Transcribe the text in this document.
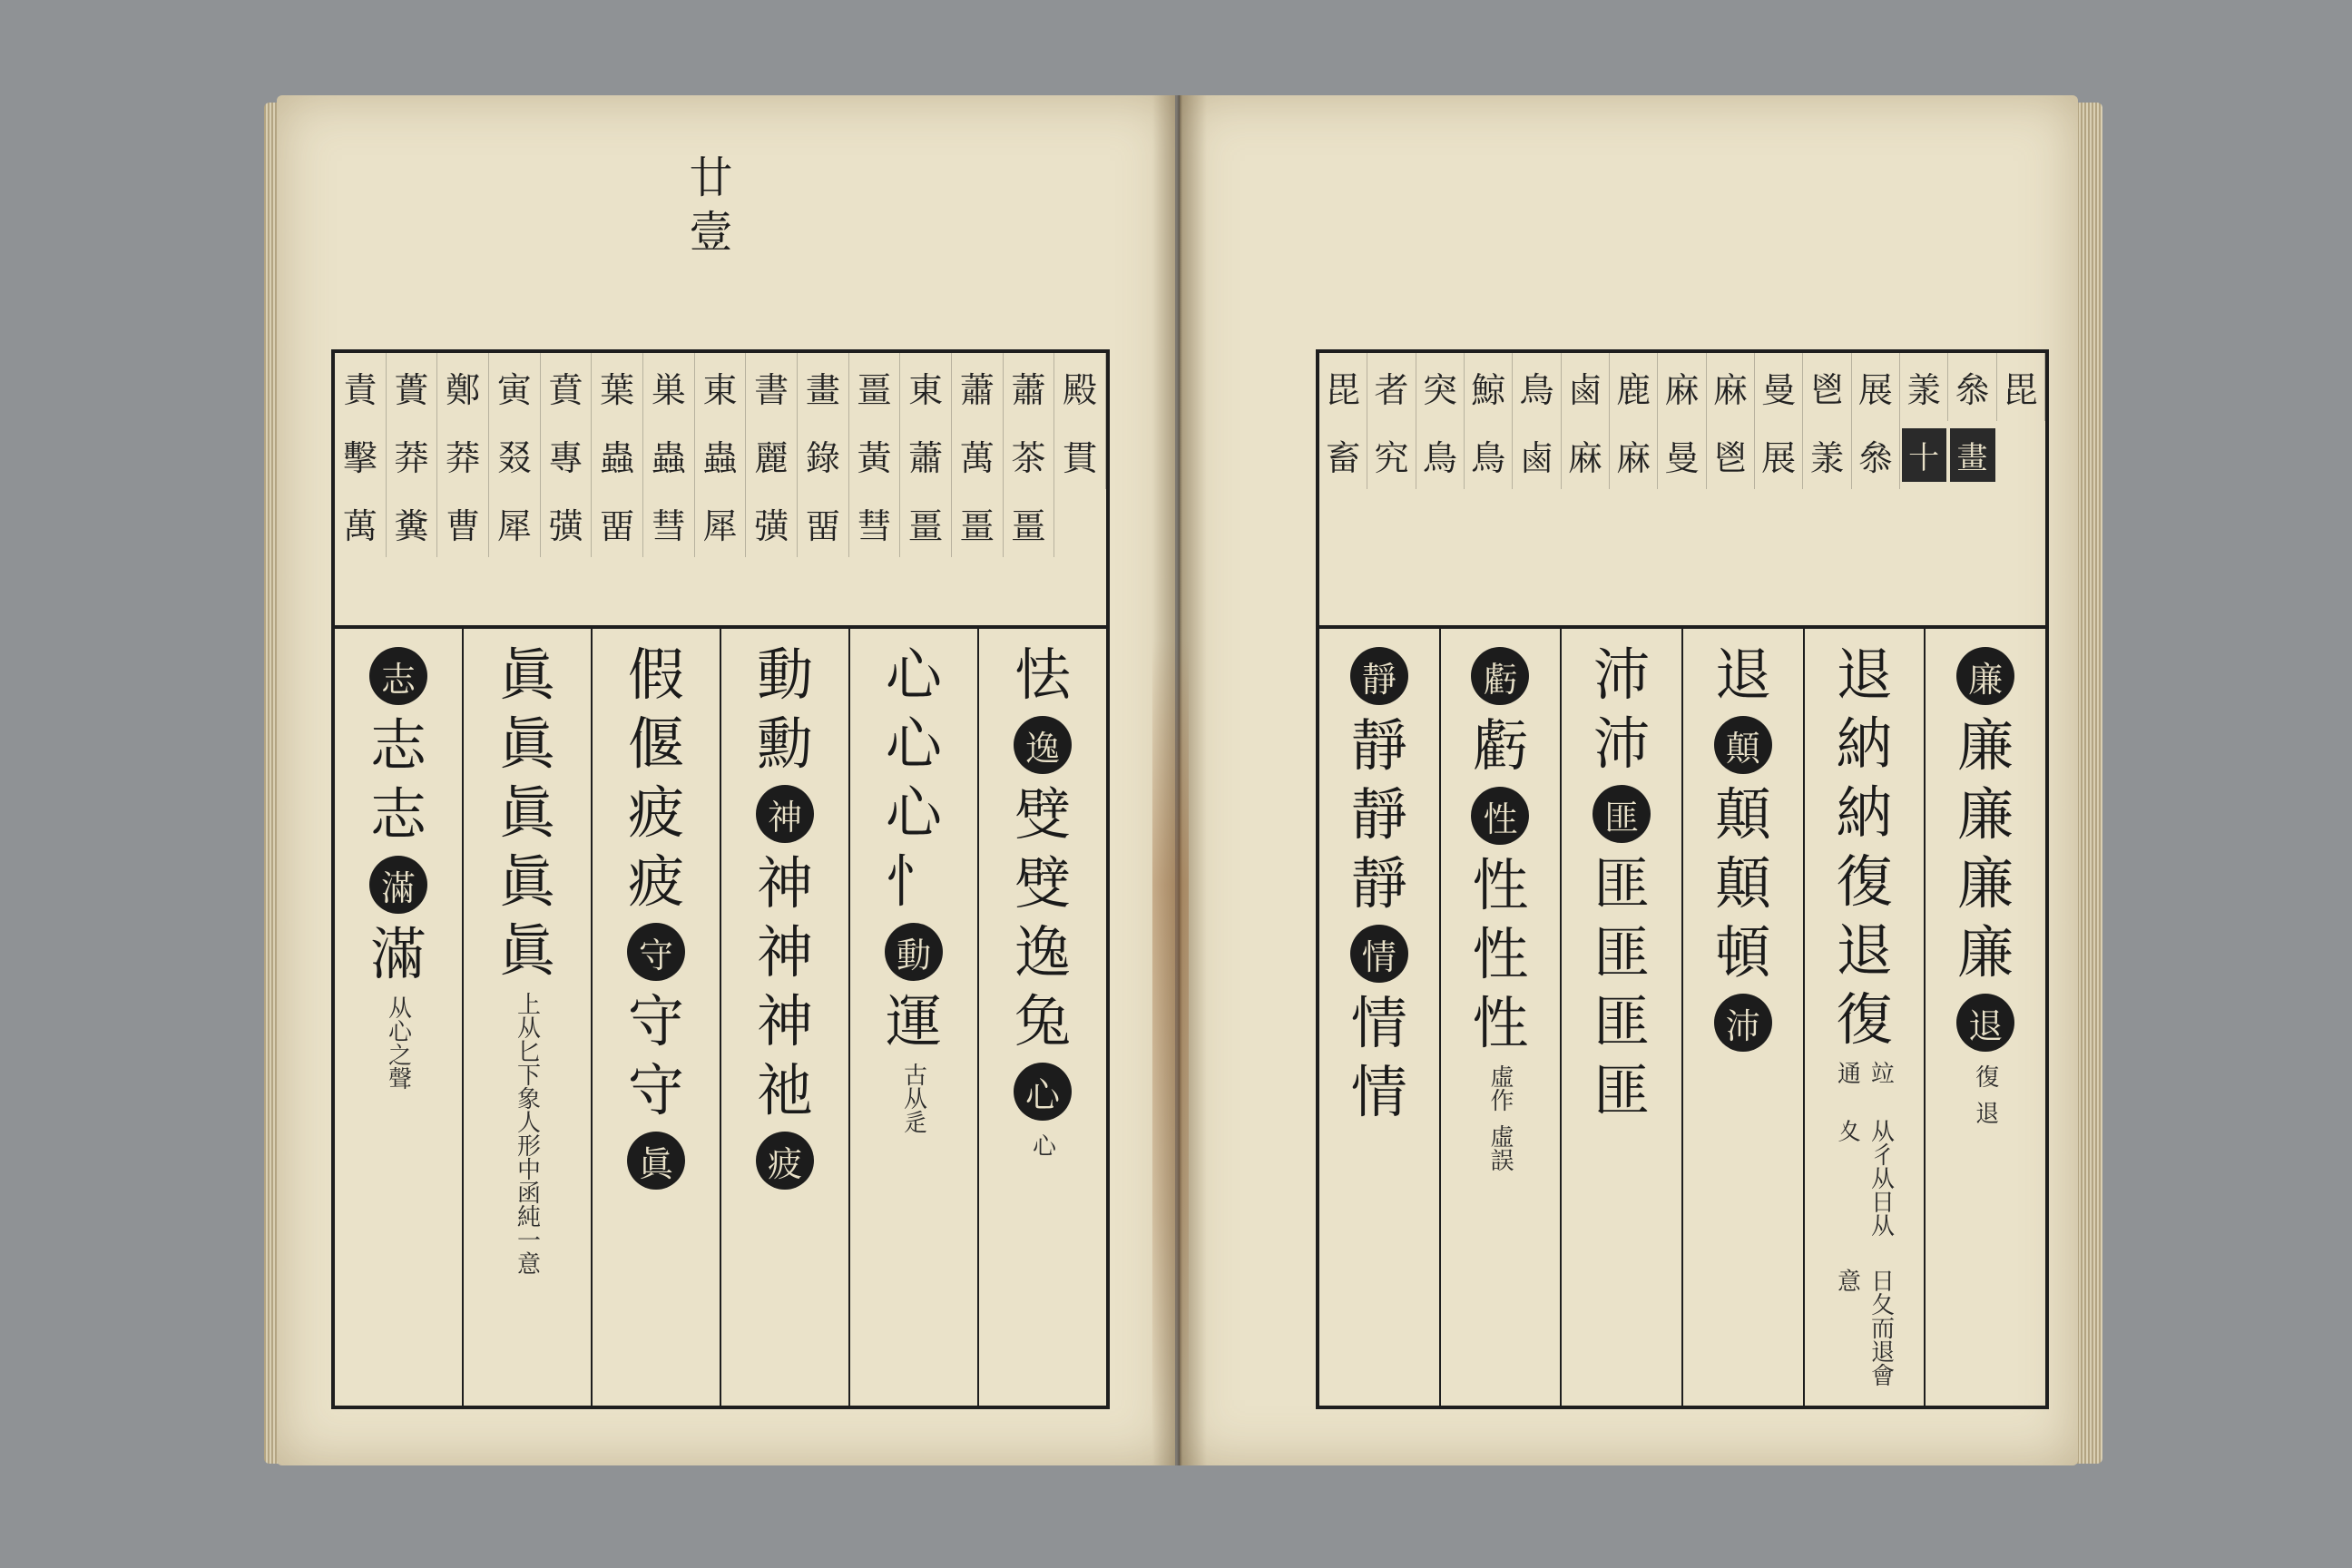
廿壹
責 蕢 鄭 寅 賁 葉 巣 東 書 畫 畺 東 蕭 蕭 殿
擊 莽 莽 叕 專 蟲 蟲 蟲 麗 錄 黃 蕭 萬 茶 貫
萬 糞 曹 犀 彉 畱 彗 犀 彉 畱 彗 畺 畺 畺
怯
逸
䢃
䢃
逸
兔
心
心
心
心
心
忄
動
運
古从辵
動
勳
神
神
神
神
祂
疲
假
偃
疲
疲
守
守
守
眞
眞
眞
眞
眞
眞
上从匕下象人形中函純一意
志
志
志
滿
滿
从心之聲
毘 者 突 鯨 鳥 鹵 鹿 麻 麻 曼 鬯 展 羕 叅 毘
畜 究 鳥 鳥 鹵 麻 麻 曼 鬯 展 羕 叅 十 畫
廉
廉
廉
廉
廉
退
復
退
退
納
納
復
退
復
竝通
从彳从日从夊
日夂而退會意
退
顛
顛
顛
頓
沛
沛
沛
匪
匪
匪
匪
匪
虧
虧
性
性
性
性
虛作
虛誤
靜
靜
靜
靜
情
情
情
